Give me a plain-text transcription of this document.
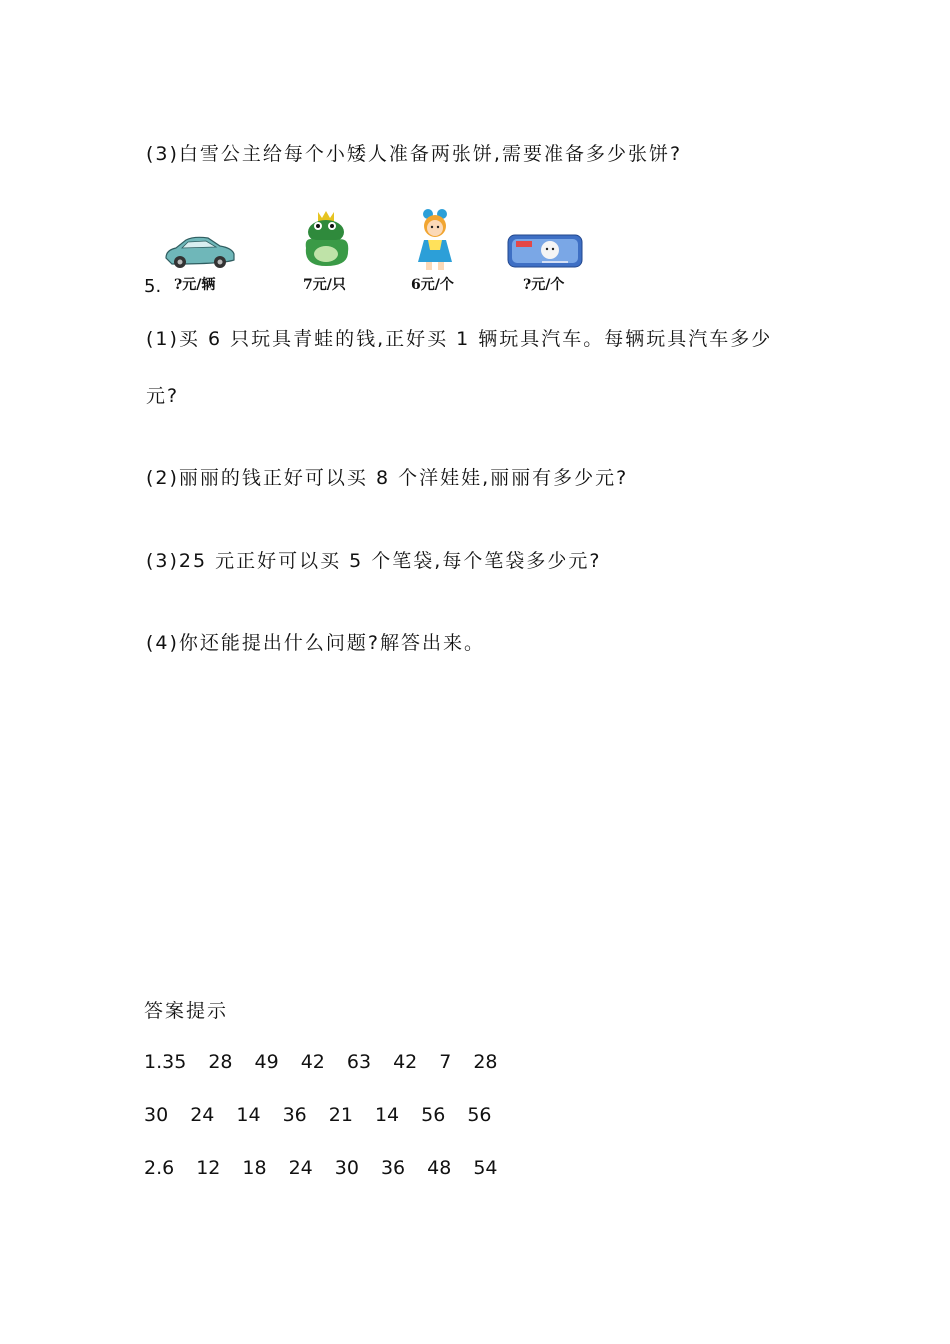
(3)白雪公主给每个小矮人准备两张饼,需要准备多少张饼?
5. ?元/辆	7元/只	6元/个	?元/个
(1)买 6 只玩具青蛙的钱,正好买 1 辆玩具汽车。每辆玩具汽车多少
元?
(2)丽丽的钱正好可以买 8 个洋娃娃,丽丽有多少元?
(3)25 元正好可以买 5 个笔袋,每个笔袋多少元?
(4)你还能提出什么问题?解答出来。
答案提示
1.35 28 49 42 63 42 7 28
30 24 14 36 21 14 56 56
2.6 12 18 24 30 36 48 54
